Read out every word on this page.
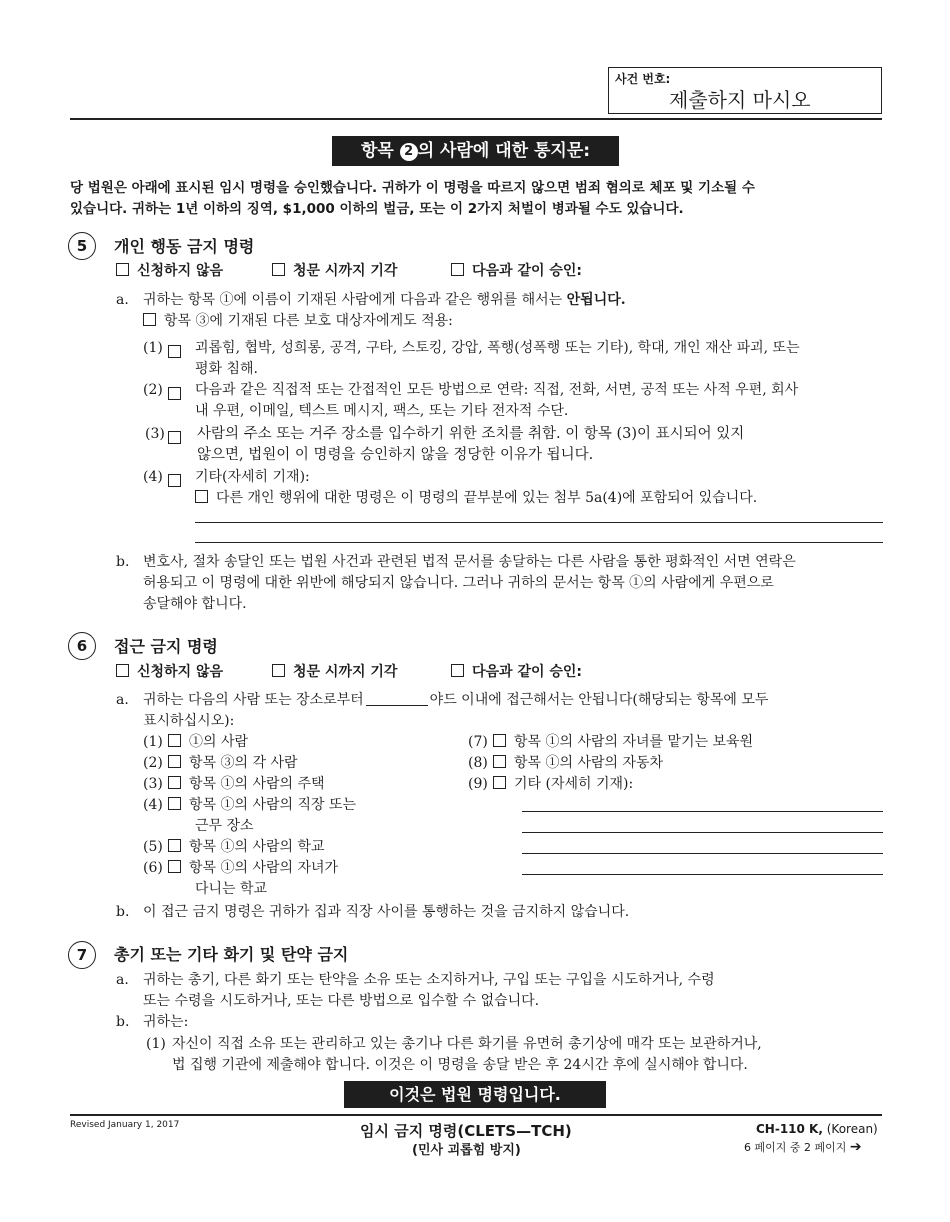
사건 번호:
제출하지 마시오
항목 2 의 사람에 대한 통지문:
당 법원은 아래에 표시된 임시 명령을 승인했습니다. 귀하가 이 명령을 따르지 않으면 범죄 혐의로 체포 및 기소될 수
있습니다. 귀하는 1년 이하의 징역, $1,000 이하의 벌금, 또는 이 2가지 처벌이 병과될 수도 있습니다.
5	개인 행동 금지 명령
신청하지 않음	청문 시까지 기각	다음과 같이 승인:
a. 귀하는 항목 ①에 이름이 기재된 사람에게 다음과 같은 행위를 해서는 안됩니다.
항목 ③에 기재된 다른 보호 대상자에게도 적용:
(1) 괴롭힘, 협박, 성희롱, 공격, 구타, 스토킹, 강압, 폭행(성폭행 또는 기타), 학대, 개인 재산 파괴, 또는
평화 침해.
(2) 다음과 같은 직접적 또는 간접적인 모든 방법으로 연락: 직접, 전화, 서면, 공적 또는 사적 우편, 회사
내 우편, 이메일, 텍스트 메시지, 팩스, 또는 기타 전자적 수단.
(3) 사람의 주소 또는 거주 장소를 입수하기 위한 조치를 취함. 이 항목 (3)이 표시되어 있지
않으면, 법원이 이 명령을 승인하지 않을 정당한 이유가 됩니다.
(4) 기타(자세히 기재):
다른 개인 행위에 대한 명령은 이 명령의 끝부분에 있는 첨부 5a(4)에 포함되어 있습니다.
b. 변호사, 절차 송달인 또는 법원 사건과 관련된 법적 문서를 송달하는 다른 사람을 통한 평화적인 서면 연락은
허용되고 이 명령에 대한 위반에 해당되지 않습니다. 그러나 귀하의 문서는 항목 ①의 사람에게 우편으로
송달해야 합니다.
6	접근 금지 명령
신청하지 않음	청문 시까지 기각	다음과 같이 승인:
a. 귀하는 다음의 사람 또는 장소로부터	야드 이내에 접근해서는 안됩니다(해당되는 항목에 모두
표시하십시오):
(1) ①의 사람
(2) 항목 ③의 각 사람
(3) 항목 ①의 사람의 주택
(4) 항목 ①의 사람의 직장 또는
근무 장소
(5) 항목 ①의 사람의 학교
(6) 항목 ①의 사람의 자녀가
다니는 학교
(7) 항목 ①의 사람의 자녀를 맡기는 보육원
(8) 항목 ①의 사람의 자동차
(9) 기타 (자세히 기재):
b. 이 접근 금지 명령은 귀하가 집과 직장 사이를 통행하는 것을 금지하지 않습니다.
7	총기 또는 기타 화기 및 탄약 금지
a. 귀하는 총기, 다른 화기 또는 탄약을 소유 또는 소지하거나, 구입 또는 구입을 시도하거나, 수령
또는 수령을 시도하거나, 또는 다른 방법으로 입수할 수 없습니다.
b. 귀하는:
(1) 자신이 직접 소유 또는 관리하고 있는 총기나 다른 화기를 유면허 총기상에 매각 또는 보관하거나,
법 집행 기관에 제출해야 합니다. 이것은 이 명령을 송달 받은 후 24시간 후에 실시해야 합니다.
이것은 법원 명령입니다.
Revised January 1, 2017	임시 금지 명령(CLETS—TCH)
(민사 괴롭힘 방지)
CH-110 K, (Korean)
6 페이지 중 2 페이지 ➔
